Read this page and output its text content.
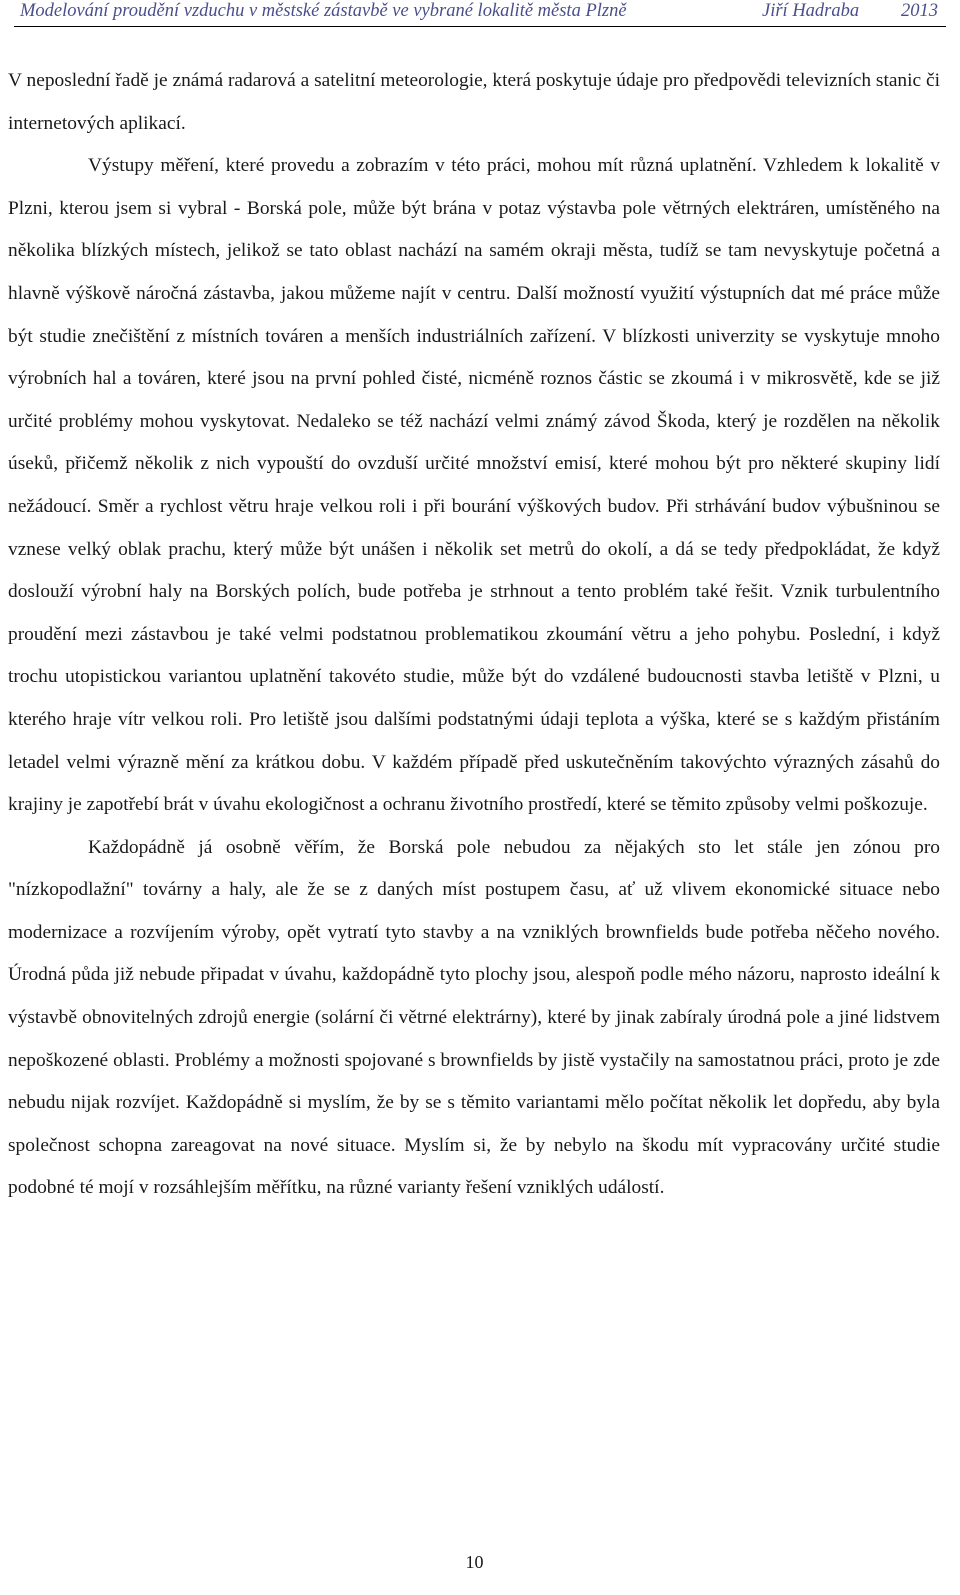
Modelování proudění vzduchu v městské zástavbě ve vybrané lokalitě města Plzně	Jiří Hadraba 2013

V neposlední řadě je známá radarová a satelitní meteorologie, která poskytuje údaje pro předpovědi televizních stanic či internetových aplikací.

Výstupy měření, které provedu a zobrazím v této práci, mohou mít různá uplatnění. Vzhledem k lokalitě v Plzni, kterou jsem si vybral - Borská pole, může být brána v potaz výstavba pole větrných elektráren, umístěného na několika blízkých místech, jelikož se tato oblast nachází na samém okraji města, tudíž se tam nevyskytuje početná a hlavně výškově náročná zástavba, jakou můžeme najít v centru. Další možností využití výstupních dat mé práce může být studie znečištění z místních továren a menších industriálních zařízení. V blízkosti univerzity se vyskytuje mnoho výrobních hal a továren, které jsou na první pohled čisté, nicméně roznos částic se zkoumá i v mikrosvětě, kde se již určité problémy mohou vyskytovat. Nedaleko se též nachází velmi známý závod Škoda, který je rozdělen na několik úseků, přičemž několik z nich vypouští do ovzduší určité množství emisí, které mohou být pro některé skupiny lidí nežádoucí. Směr a rychlost větru hraje velkou roli i při bourání výškových budov. Při strhávání budov výbušninou se vznese velký oblak prachu, který může být unášen i několik set metrů do okolí, a dá se tedy předpokládat, že když doslouží výrobní haly na Borských polích, bude potřeba je strhnout a tento problém také řešit. Vznik turbulentního proudění mezi zástavbou je také velmi podstatnou problematikou zkoumání větru a jeho pohybu. Poslední, i když trochu utopistickou variantou uplatnění takovéto studie, může být do vzdálené budoucnosti stavba letiště v Plzni, u kterého hraje vítr velkou roli. Pro letiště jsou dalšími podstatnými údaji teplota a výška, které se s každým přistáním letadel velmi výrazně mění za krátkou dobu. V každém případě před uskutečněním takovýchto výrazných zásahů do krajiny je zapotřebí brát v úvahu ekologičnost a ochranu životního prostředí, které se těmito způsoby velmi poškozuje.

Každopádně já osobně věřím, že Borská pole nebudou za nějakých sto let stále jen zónou pro "nízkopodlažní" továrny a haly, ale že se z daných míst postupem času, ať už vlivem ekonomické situace nebo modernizace a rozvíjením výroby, opět vytratí tyto stavby a na vzniklých brownfields bude potřeba něčeho nového. Úrodná půda již nebude připadat v úvahu, každopádně tyto plochy jsou, alespoň podle mého názoru, naprosto ideální k výstavbě obnovitelných zdrojů energie (solární či větrné elektrárny), které by jinak zabíraly úrodná pole a jiné lidstvem nepoškozené oblasti. Problémy a možnosti spojované s brownfields by jistě vystačily na samostatnou práci, proto je zde nebudu nijak rozvíjet. Každopádně si myslím, že by se s těmito variantami mělo počítat několik let dopředu, aby byla společnost schopna zareagovat na nové situace. Myslím si, že by nebylo na škodu mít vypracovány určité studie podobné té mojí v rozsáhlejším měřítku, na různé varianty řešení vzniklých událostí.

10
